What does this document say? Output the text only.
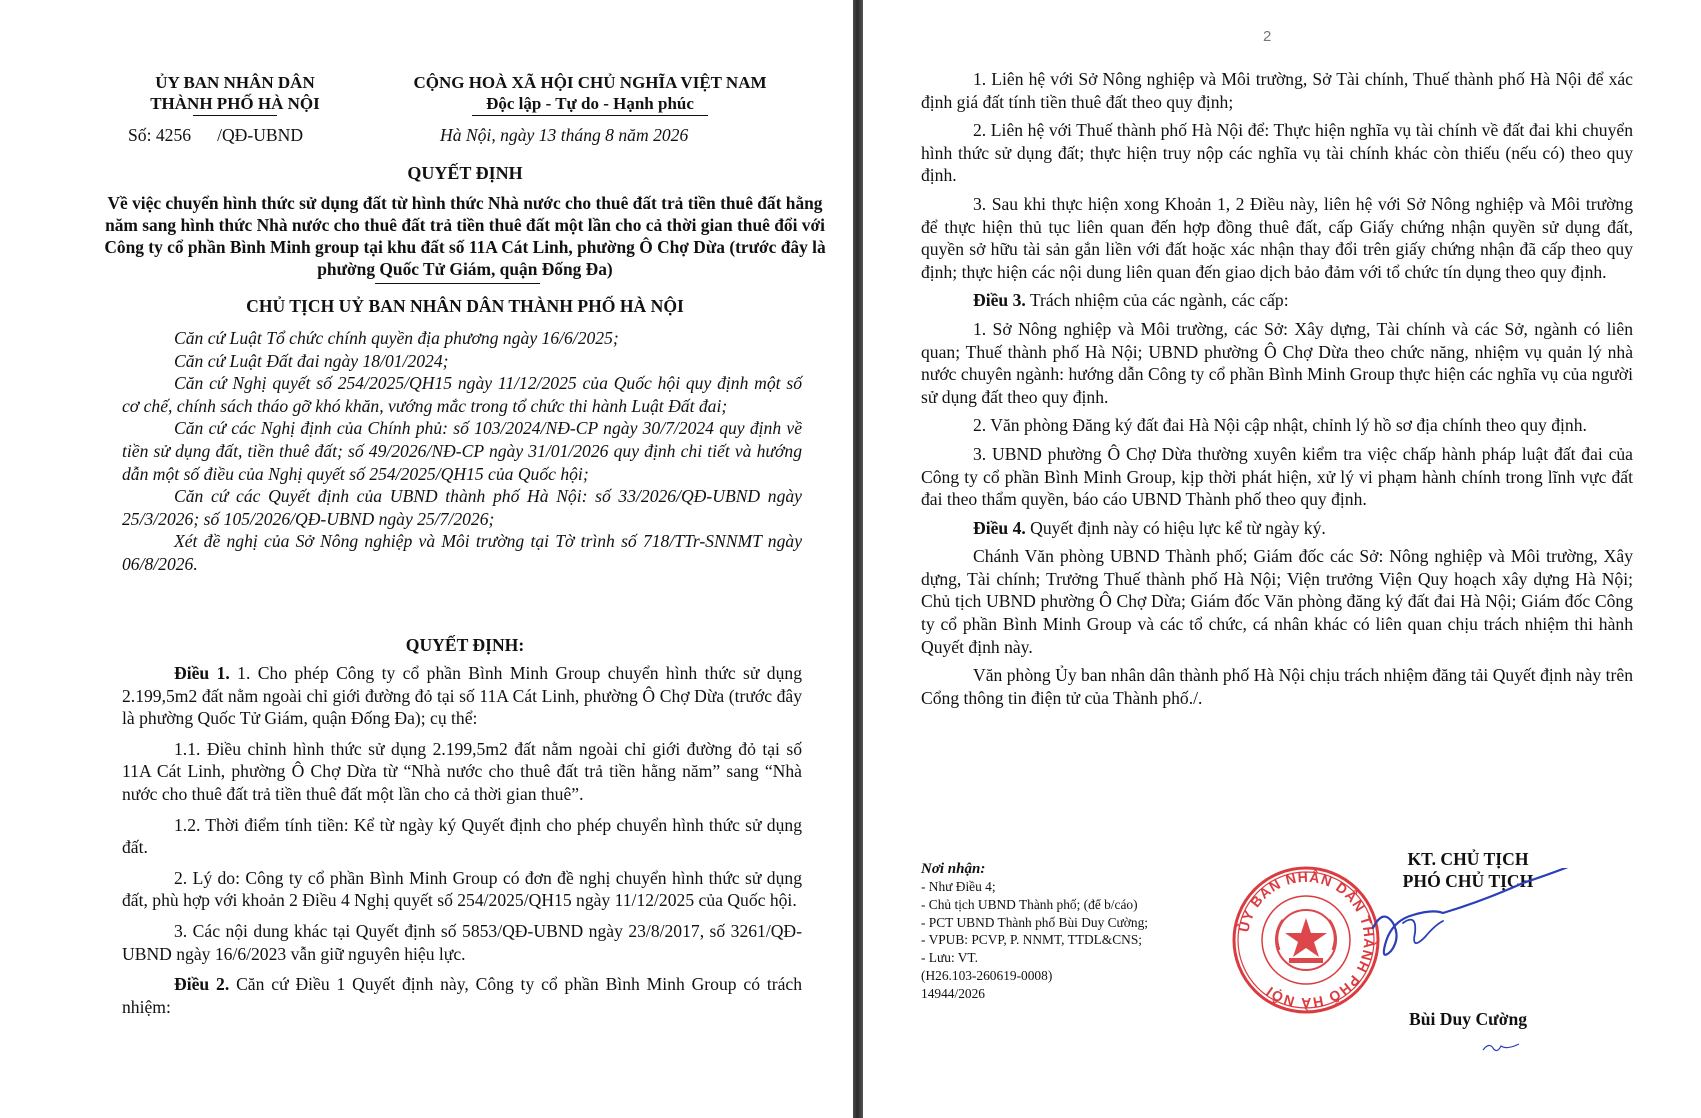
ỦY BAN NHÂN DÂN
THÀNH PHỐ HÀ NỘI
CỘNG HOÀ XÃ HỘI CHỦ NGHĨA VIỆT NAM
Độc lập - Tự do - Hạnh phúc
Số: 4256 /QĐ-UBND	Hà Nội, ngày 13 tháng 8 năm 2026
QUYẾT ĐỊNH
Về việc chuyển hình thức sử dụng đất từ hình thức Nhà nước cho thuê đất trả tiền thuê đất hằng năm sang hình thức Nhà nước cho thuê đất trả tiền thuê đất một lần cho cả thời gian thuê đổi với Công ty cổ phần Bình Minh group tại khu đất số 11A Cát Linh, phường Ô Chợ Dừa (trước đây là phường Quốc Tử Giám, quận Đống Đa)
CHỦ TỊCH UỶ BAN NHÂN DÂN THÀNH PHỐ HÀ NỘI
Căn cứ Luật Tổ chức chính quyền địa phương ngày 16/6/2025;
Căn cứ Luật Đất đai ngày 18/01/2024;
Căn cứ Nghị quyết số 254/2025/QH15 ngày 11/12/2025 của Quốc hội quy định một số cơ chế, chính sách tháo gỡ khó khăn, vướng mắc trong tổ chức thi hành Luật Đất đai;
Căn cứ các Nghị định của Chính phủ: số 103/2024/NĐ-CP ngày 30/7/2024 quy định về tiền sử dụng đất, tiền thuê đất; số 49/2026/NĐ-CP ngày 31/01/2026 quy định chi tiết và hướng dẫn một số điều của Nghị quyết số 254/2025/QH15 của Quốc hội;
Căn cứ các Quyết định của UBND thành phố Hà Nội: số 33/2026/QĐ-UBND ngày 25/3/2026; số 105/2026/QĐ-UBND ngày 25/7/2026;
Xét đề nghị của Sở Nông nghiệp và Môi trường tại Tờ trình số 718/TTr-SNNMT ngày 06/8/2026.
QUYẾT ĐỊNH:
Điều 1. 1. Cho phép Công ty cổ phần Bình Minh Group chuyển hình thức sử dụng 2.199,5m2 đất nằm ngoài chỉ giới đường đỏ tại số 11A Cát Linh, phường Ô Chợ Dừa (trước đây là phường Quốc Tử Giám, quận Đống Đa); cụ thể:
1.1. Điều chỉnh hình thức sử dụng 2.199,5m2 đất nằm ngoài chỉ giới đường đỏ tại số 11A Cát Linh, phường Ô Chợ Dừa từ “Nhà nước cho thuê đất trả tiền hằng năm” sang “Nhà nước cho thuê đất trả tiền thuê đất một lần cho cả thời gian thuê”.
1.2. Thời điểm tính tiền: Kể từ ngày ký Quyết định cho phép chuyển hình thức sử dụng đất.
2. Lý do: Công ty cổ phần Bình Minh Group có đơn đề nghị chuyển hình thức sử dụng đất, phù hợp với khoản 2 Điều 4 Nghị quyết số 254/2025/QH15 ngày 11/12/2025 của Quốc hội.
3. Các nội dung khác tại Quyết định số 5853/QĐ-UBND ngày 23/8/2017, số 3261/QĐ-UBND ngày 16/6/2023 vẫn giữ nguyên hiệu lực.
Điều 2. Căn cứ Điều 1 Quyết định này, Công ty cổ phần Bình Minh Group có trách nhiệm:
2
1. Liên hệ với Sở Nông nghiệp và Môi trường, Sở Tài chính, Thuế thành phố Hà Nội để xác định giá đất tính tiền thuê đất theo quy định;
2. Liên hệ với Thuế thành phố Hà Nội để: Thực hiện nghĩa vụ tài chính về đất đai khi chuyển hình thức sử dụng đất; thực hiện truy nộp các nghĩa vụ tài chính khác còn thiếu (nếu có) theo quy định.
3. Sau khi thực hiện xong Khoản 1, 2 Điều này, liên hệ với Sở Nông nghiệp và Môi trường để thực hiện thủ tục liên quan đến hợp đồng thuê đất, cấp Giấy chứng nhận quyền sử dụng đất, quyền sở hữu tài sản gắn liền với đất hoặc xác nhận thay đổi trên giấy chứng nhận đã cấp theo quy định; thực hiện các nội dung liên quan đến giao dịch bảo đảm với tổ chức tín dụng theo quy định.
Điều 3. Trách nhiệm của các ngành, các cấp:
1. Sở Nông nghiệp và Môi trường, các Sở: Xây dựng, Tài chính và các Sở, ngành có liên quan; Thuế thành phố Hà Nội; UBND phường Ô Chợ Dừa theo chức năng, nhiệm vụ quản lý nhà nước chuyên ngành: hướng dẫn Công ty cổ phần Bình Minh Group thực hiện các nghĩa vụ của người sử dụng đất theo quy định.
2. Văn phòng Đăng ký đất đai Hà Nội cập nhật, chỉnh lý hồ sơ địa chính theo quy định.
3. UBND phường Ô Chợ Dừa thường xuyên kiểm tra việc chấp hành pháp luật đất đai của Công ty cổ phần Bình Minh Group, kịp thời phát hiện, xử lý vi phạm hành chính trong lĩnh vực đất đai theo thẩm quyền, báo cáo UBND Thành phố theo quy định.
Điều 4. Quyết định này có hiệu lực kể từ ngày ký.
Chánh Văn phòng UBND Thành phố; Giám đốc các Sở: Nông nghiệp và Môi trường, Xây dựng, Tài chính; Trưởng Thuế thành phố Hà Nội; Viện trưởng Viện Quy hoạch xây dựng Hà Nội; Chủ tịch UBND phường Ô Chợ Dừa; Giám đốc Văn phòng đăng ký đất đai Hà Nội; Giám đốc Công ty cổ phần Bình Minh Group và các tổ chức, cá nhân khác có liên quan chịu trách nhiệm thi hành Quyết định này.
Văn phòng Ủy ban nhân dân thành phố Hà Nội chịu trách nhiệm đăng tải Quyết định này trên Cổng thông tin điện tử của Thành phố./.
Nơi nhận:
- Như Điều 4;
- Chủ tịch UBND Thành phố; (để b/cáo)
- PCT UBND Thành phố Bùi Duy Cường;
- VPUB: PCVP, P. NNMT, TTDL&CNS;
- Lưu: VT.
(H26.103-260619-0008)
14944/2026
ỦY BAN NHÂN DÂN THÀNH PHỐ HÀ NỘI
KT. CHỦ TỊCH
PHÓ CHỦ TỊCH
Bùi Duy Cường
